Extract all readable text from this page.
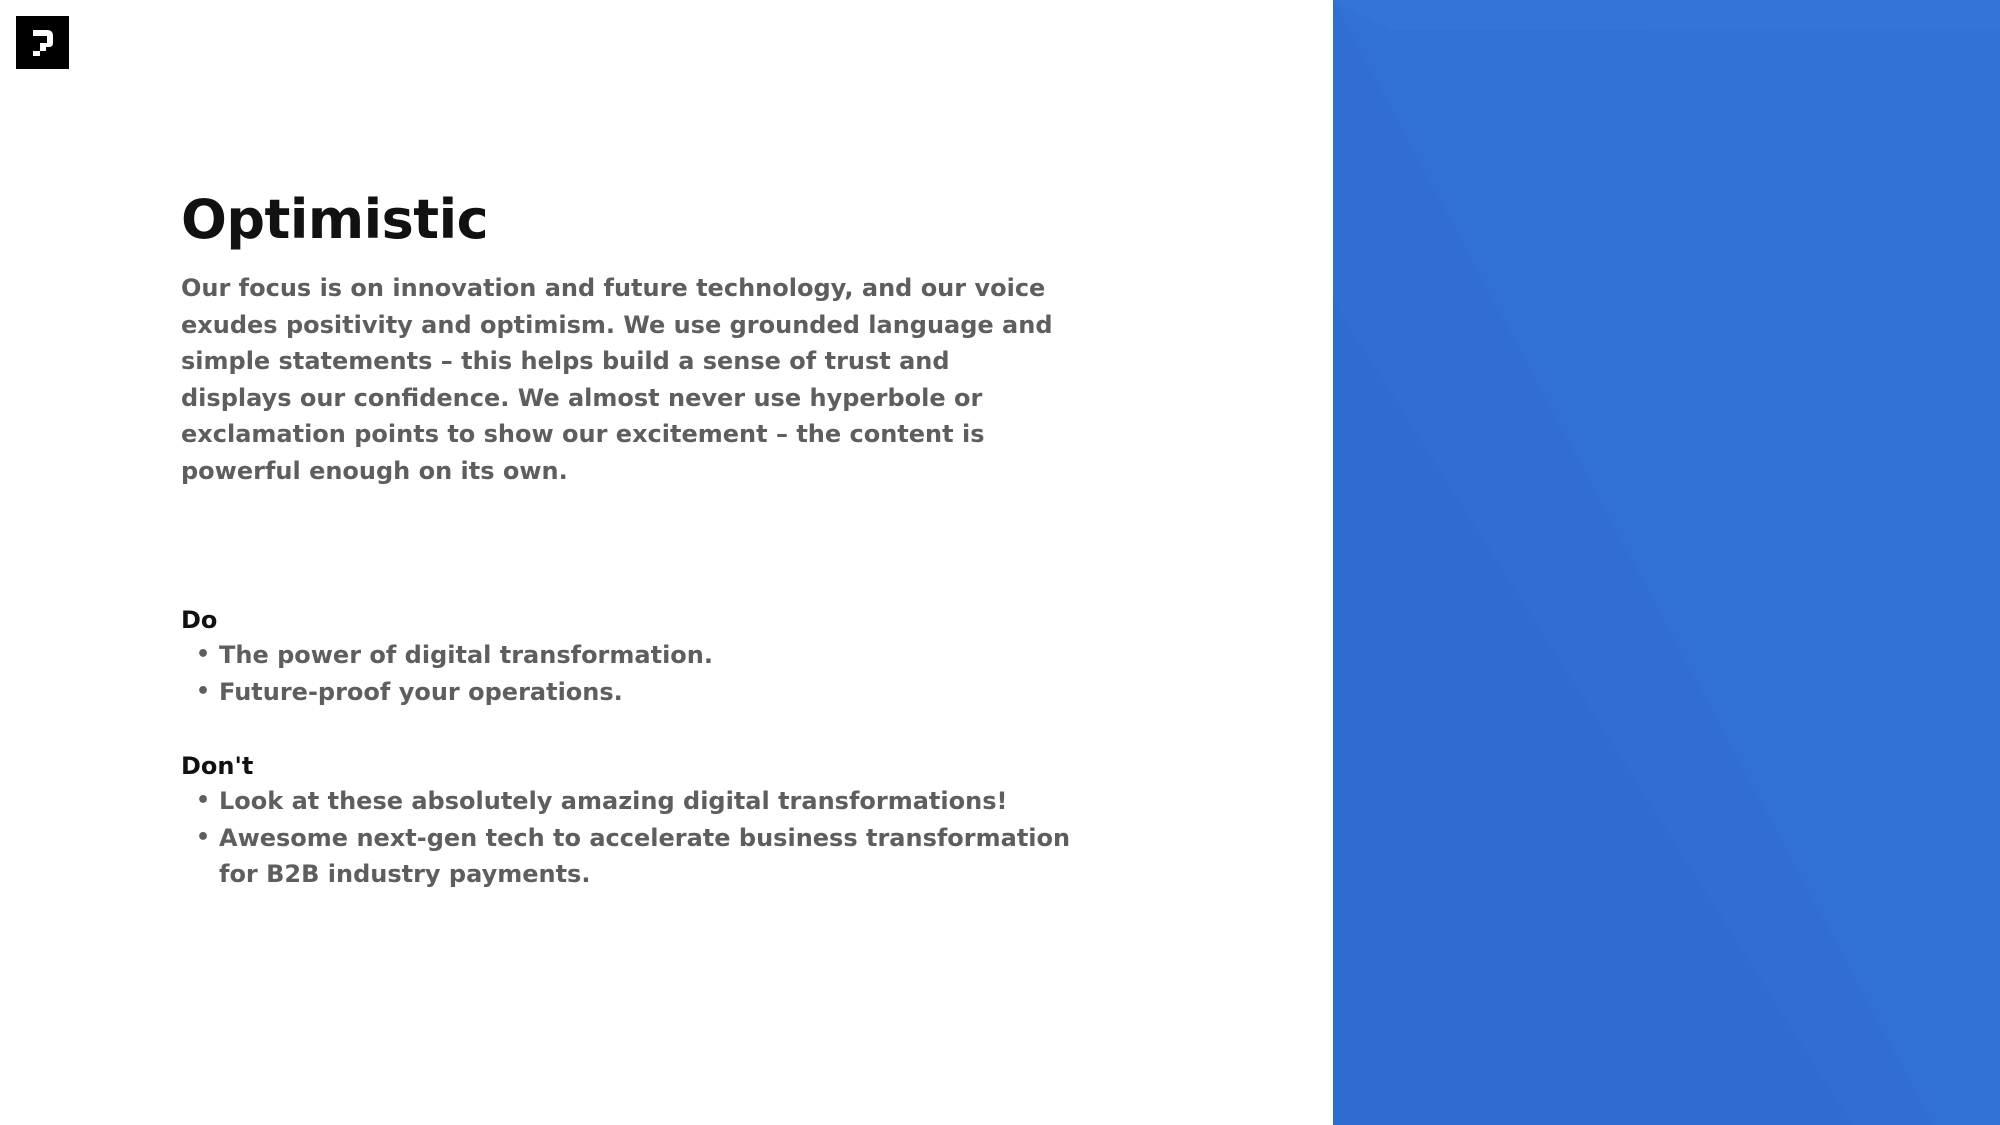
Optimistic

Our focus is on innovation and future technology, and our voice exudes positivity and optimism. We use grounded language and simple statements – this helps build a sense of trust and displays our confidence. We almost never use hyperbole or exclamation points to show our excitement – the content is powerful enough on its own.

Do
• The power of digital transformation.
• Future-proof your operations.
Don't
• Look at these absolutely amazing digital transformations!
• Awesome next-gen tech to accelerate business transformation for B2B industry payments.
